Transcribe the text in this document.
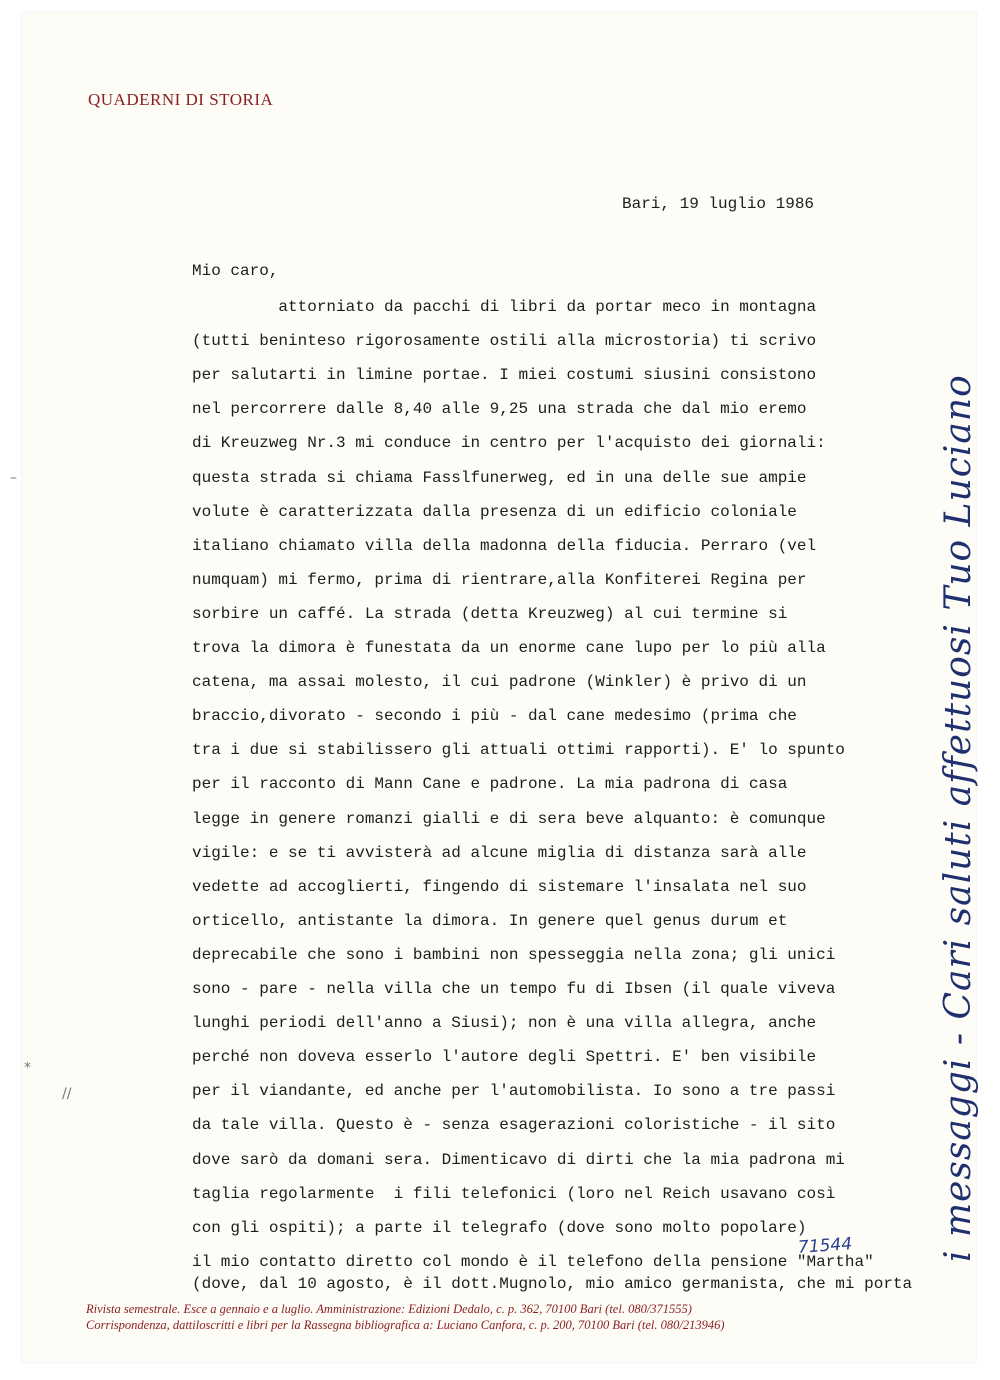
QUADERNI DI STORIA
Bari, 19 luglio 1986
Mio caro,
attorniato da pacchi di libri da portar meco in montagna
(tutti beninteso rigorosamente ostili alla microstoria) ti scrivo
per salutarti in limine portae. I miei costumi siusini consistono
nel percorrere dalle 8,40 alle 9,25 una strada che dal mio eremo
di Kreuzweg Nr.3 mi conduce in centro per l'acquisto dei giornali:
questa strada si chiama Fasslfunerweg, ed in una delle sue ampie
volute è caratterizzata dalla presenza di un edificio coloniale
italiano chiamato villa della madonna della fiducia. Perraro (vel
numquam) mi fermo, prima di rientrare,alla Konfiterei Regina per
sorbire un caffé. La strada (detta Kreuzweg) al cui termine si
trova la dimora è funestata da un enorme cane lupo per lo più alla
catena, ma assai molesto, il cui padrone (Winkler) è privo di un
braccio,divorato - secondo i più - dal cane medesimo (prima che
tra i due si stabilissero gli attuali ottimi rapporti). E' lo spunto
per il racconto di Mann Cane e padrone. La mia padrona di casa
legge in genere romanzi gialli e di sera beve alquanto: è comunque
vigile: e se ti avvisterà ad alcune miglia di distanza sarà alle
vedette ad accoglierti, fingendo di sistemare l'insalata nel suo
orticello, antistante la dimora. In genere quel genus durum et
deprecabile che sono i bambini non spesseggia nella zona; gli unici
sono - pare - nella villa che un tempo fu di Ibsen (il quale viveva
lunghi periodi dell'anno a Siusi); non è una villa allegra, anche
perché non doveva esserlo l'autore degli Spettri. E' ben visibile
per il viandante, ed anche per l'automobilista. Io sono a tre passi
da tale villa. Questo è - senza esagerazioni coloristiche - il sito
dove sarò da domani sera. Dimenticavo di dirti che la mia padrona mi
taglia regolarmente  i fili telefonici (loro nel Reich usavano così
con gli ospiti); a parte il telegrafo (dove sono molto popolare)
il mio contatto diretto col mondo è il telefono della pensione "Martha"
(dove, dal 10 agosto, è il dott.Mugnolo, mio amico germanista, che mi porta
71544 i messaggi - Cari saluti affettuosi Tuo Luciano
–
*
//
Rivista semestrale. Esce a gennaio e a luglio. Amministrazione: Edizioni Dedalo, c. p. 362, 70100 Bari (tel. 080/371555)
Corrispondenza, dattiloscritti e libri per la Rassegna bibliografica a: Luciano Canfora, c. p. 200, 70100 Bari (tel. 080/213946)
